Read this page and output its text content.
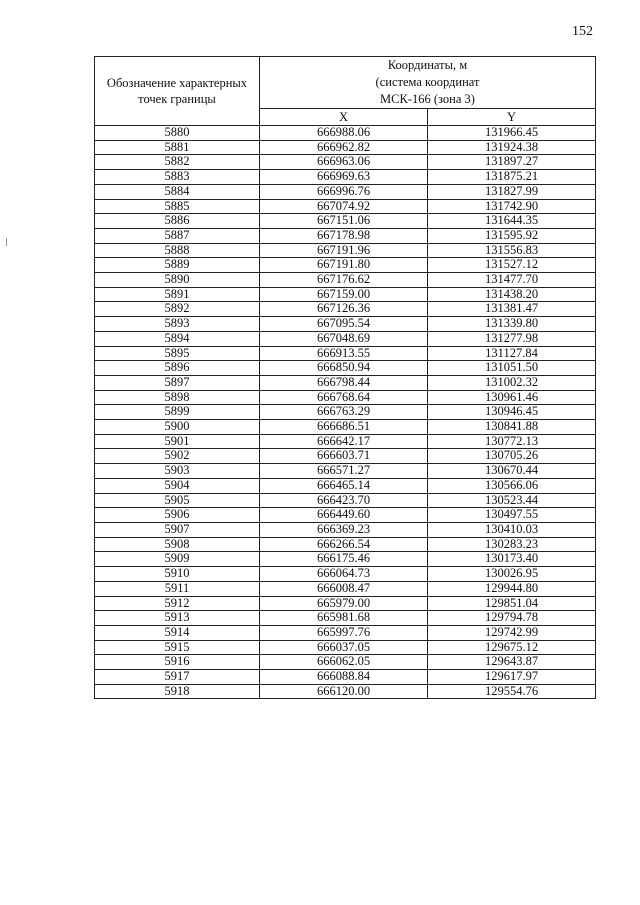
152
Обозначение характерных точек границы	Координаты, м
(система координат
МСК-166 (зона 3)	

	X	Y
5880	666988.06	131966.45
5881	666962.82	131924.38
5882	666963.06	131897.27
5883	666969.63	131875.21
5884	666996.76	131827.99
5885	667074.92	131742.90
5886	667151.06	131644.35
5887	667178.98	131595.92
5888	667191.96	131556.83
5889	667191.80	131527.12
5890	667176.62	131477.70
5891	667159.00	131438.20
5892	667126.36	131381.47
5893	667095.54	131339.80
5894	667048.69	131277.98
5895	666913.55	131127.84
5896	666850.94	131051.50
5897	666798.44	131002.32
5898	666768.64	130961.46
5899	666763.29	130946.45
5900	666686.51	130841.88
5901	666642.17	130772.13
5902	666603.71	130705.26
5903	666571.27	130670.44
5904	666465.14	130566.06
5905	666423.70	130523.44
5906	666449.60	130497.55
5907	666369.23	130410.03
5908	666266.54	130283.23
5909	666175.46	130173.40
5910	666064.73	130026.95
5911	666008.47	129944.80
5912	665979.00	129851.04
5913	665981.68	129794.78
5914	665997.76	129742.99
5915	666037.05	129675.12
5916	666062.05	129643.87
5917	666088.84	129617.97
5918	666120.00	129554.76
